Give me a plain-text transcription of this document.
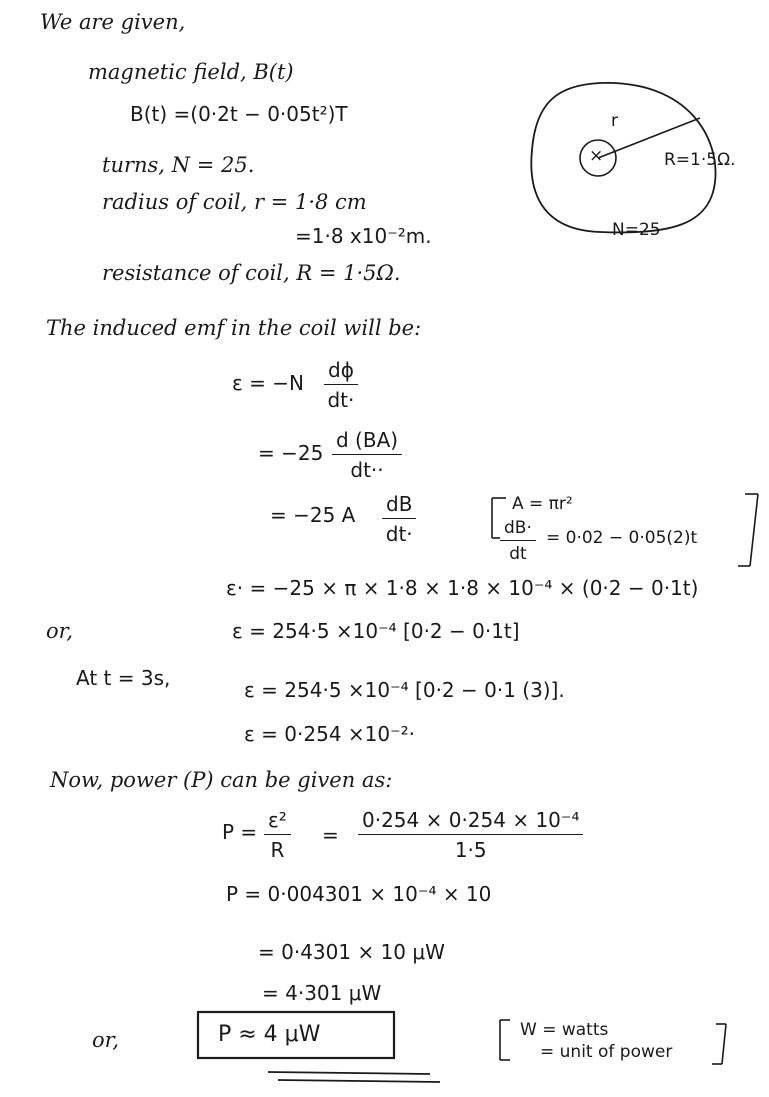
We are given,
magnetic field, B(t)
B(t) =(0·2t − 0·05t²)T
turns, N = 25.
radius of coil, r = 1·8 cm
=1·8 x10⁻²m.
resistance of coil, R = 1·5Ω.
r
×	R=1·5Ω.
N=25
The induced emf in the coil will be:
$\varepsilon = -N \frac{d\phi}{dt\cdot}$
= $-25 \frac{d (BA)}{dt\cdot\cdot}$
= −25 A $\frac{dB}{dt\cdot}$	A = πr²
$\frac{dB\cdot}{dt} = 0\cdot 02 - 0\cdot 05(2)t$
ε· = −25 × π × 1·8 × 1·8 × 10⁻⁴ × (0·2 − 0·1t)
or,	ε = 254·5 ×10⁻⁴ [0·2 − 0·1t]
At t = 3s,	ε = 254·5 ×10⁻⁴ [0·2 − 0·1 (3)].
ε = 0·254 ×10⁻²·
Now, power (P) can be given as:
$P = \frac{\text{ε²}}{R} = \frac{\text{0·254 × 0·254 × 10⁻⁴}}{1\cdot 5}$
P = 0·004301 × 10⁻⁴ × 10
= 0·4301 × 10 μW
= 4·301 μW
or,	P ≈ 4 μW	W = watts
= unit of power
